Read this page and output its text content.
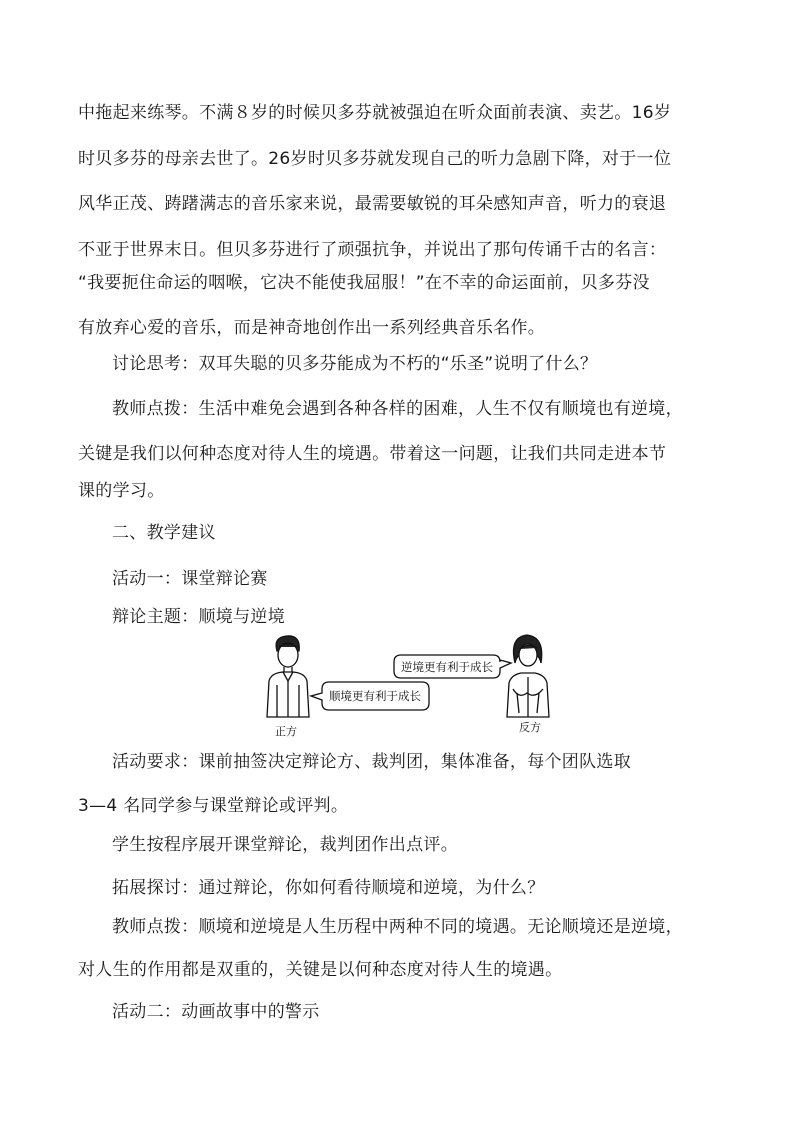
中拖起来练琴。不满８岁的时候贝多芬就被强迫在听众面前表演、卖艺。16岁
时贝多芬的母亲去世了。26岁时贝多芬就发现自己的听力急剧下降，对于一位
风华正茂、踌躇满志的音乐家来说，最需要敏锐的耳朵感知声音，听力的衰退
不亚于世界末日。但贝多芬进行了顽强抗争，并说出了那句传诵千古的名言：
“我要扼住命运的咽喉，它决不能使我屈服！”在不幸的命运面前，贝多芬没
有放弃心爱的音乐，而是神奇地创作出一系列经典音乐名作。
讨论思考：双耳失聪的贝多芬能成为不朽的“乐圣”说明了什么？
教师点拨：生活中难免会遇到各种各样的困难，人生不仅有顺境也有逆境，
关键是我们以何种态度对待人生的境遇。带着这一问题，让我们共同走进本节
课的学习。
二、教学建议
活动一：课堂辩论赛
辩论主题：顺境与逆境
顺境更有利于成长
逆境更有利于成长
正方	反方
活动要求：课前抽签决定辩论方、裁判团，集体准备，每个团队选取
3—4 名同学参与课堂辩论或评判。
学生按程序展开课堂辩论，裁判团作出点评。
拓展探讨：通过辩论，你如何看待顺境和逆境，为什么？
教师点拨：顺境和逆境是人生历程中两种不同的境遇。无论顺境还是逆境，
对人生的作用都是双重的，关键是以何种态度对待人生的境遇。
活动二：动画故事中的警示
